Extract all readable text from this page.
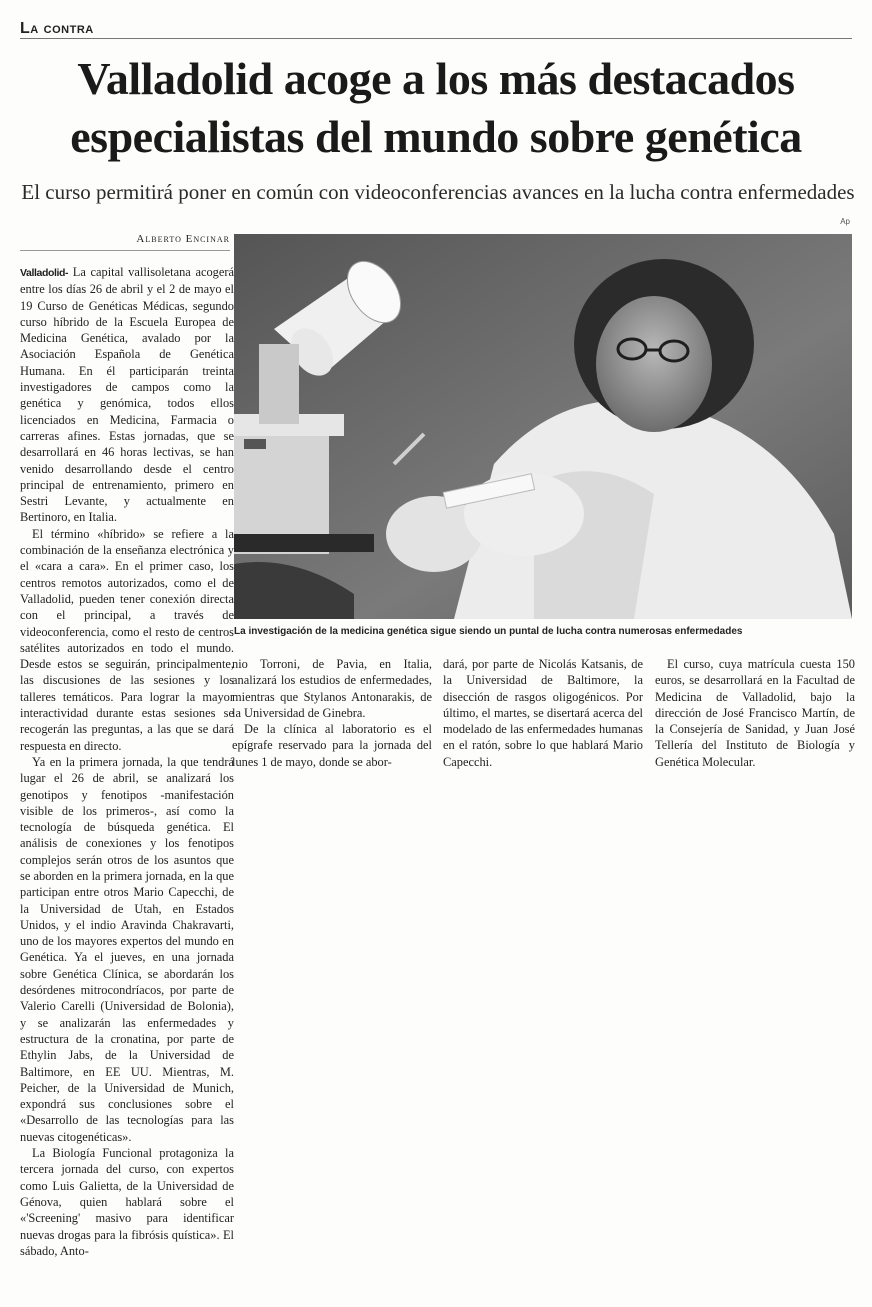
La contra
Valladolid acoge a los más destacados
especialistas del mundo sobre genética

El curso permitirá poner en común con videoconferencias avances en la lucha contra enfermedades

Ap
Alberto Encinar

Valladolid- La capital vallisoletana acogerá entre los días 26 de abril y el 2 de mayo el 19 Curso de Genéticas Médicas, segundo curso híbrido de la Escuela Europea de Medicina Genética, avalado por la Asociación Española de Genética Humana. En él participarán treinta investigadores de campos como la genética y genómica, todos ellos licenciados en Medicina, Farmacia o carreras afines. Estas jornadas, que se desarrollará en 46 horas lectivas, se han venido desarrollando desde el centro principal de entrenamiento, primero en Sestri Levante, y actualmente en Bertinoro, en Italia.

El término «híbrido» se refiere a la combinación de la enseñanza electrónica y el «cara a cara». En el primer caso, los centros remotos autorizados, como el de Valladolid, pueden tener conexión directa con el principal, a través de videoconferencia, como el resto de centros satélites autorizados en todo el mundo. Desde estos se seguirán, principalmente, las discusiones de las sesiones y los talleres temáticos. Para lograr la mayor interactividad durante estas sesiones se recogerán las preguntas, a las que se dará respuesta en directo.

Ya en la primera jornada, la que tendrá lugar el 26 de abril, se analizará los genotipos y fenotipos -manifestación visible de los primeros-, así como la tecnología de búsqueda genética. El análisis de conexiones y los fenotipos complejos serán otros de los asuntos que se aborden en la primera jornada, en la que participan entre otros Mario Capecchi, de la Universidad de Utah, en Estados Unidos, y el indio Aravinda Chakravarti, uno de los mayores expertos del mundo en Genética. Ya el jueves, en una jornada sobre Genética Clínica, se abordarán los desórdenes mitrocondríacos, por parte de Valerio Carelli (Universidad de Bolonia), y se analizarán las enfermedades y estructura de la cronatina, por parte de Ethylin Jabs, de la Universidad de Baltimore, en EE UU. Mientras, M. Peicher, de la Universidad de Munich, expondrá sus conclusiones sobre el «Desarrollo de las tecnologías para las nuevas citogenéticas».

La Biología Funcional protagoniza la tercera jornada del curso, con expertos como Luis Galietta, de la Universidad de Génova, quien hablará sobre el «'Screening' masivo para identificar nuevas drogas para la fibrósis quística». El sábado, Anto-

La investigación de la medicina genética sigue siendo un puntal de lucha contra numerosas enfermedades

nio Torroni, de Pavia, en Italia, analizará los estudios de enfermedades, mientras que Stylanos Antonarakis, de la Universidad de Ginebra.

De la clínica al laboratorio es el epígrafe reservado para la jornada del lunes 1 de mayo, donde se abor-

dará, por parte de Nicolás Katsanis, de la Universidad de Baltimore, la disección de rasgos oligogénicos. Por último, el martes, se disertará acerca del modelado de las enfermedades humanas en el ratón, sobre lo que hablará Mario Capecchi.

El curso, cuya matrícula cuesta 150 euros, se desarrollará en la Facultad de Medicina de Valladolid, bajo la dirección de José Francisco Martín, de la Consejería de Sanidad, y Juan José Tellería del Instituto de Biología y Genética Molecular.
